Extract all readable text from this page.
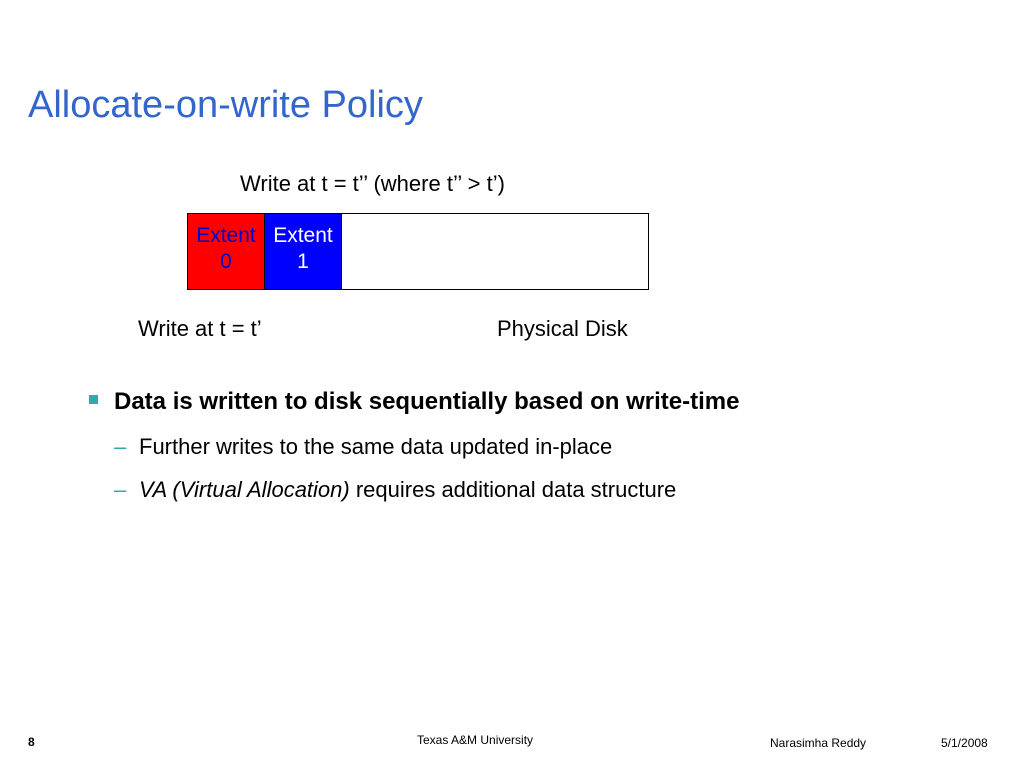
Allocate-on-write Policy
Write at t = t’’ (where t’’ > t’)
Extent
0
Extent
1
Write at t = t’	Physical Disk
Data is written to disk sequentially based on write-time
– Further writes to the same data updated in-place
– VA (Virtual Allocation) requires additional data structure
8	Texas A&M University	Narasimha Reddy	5/1/2008
